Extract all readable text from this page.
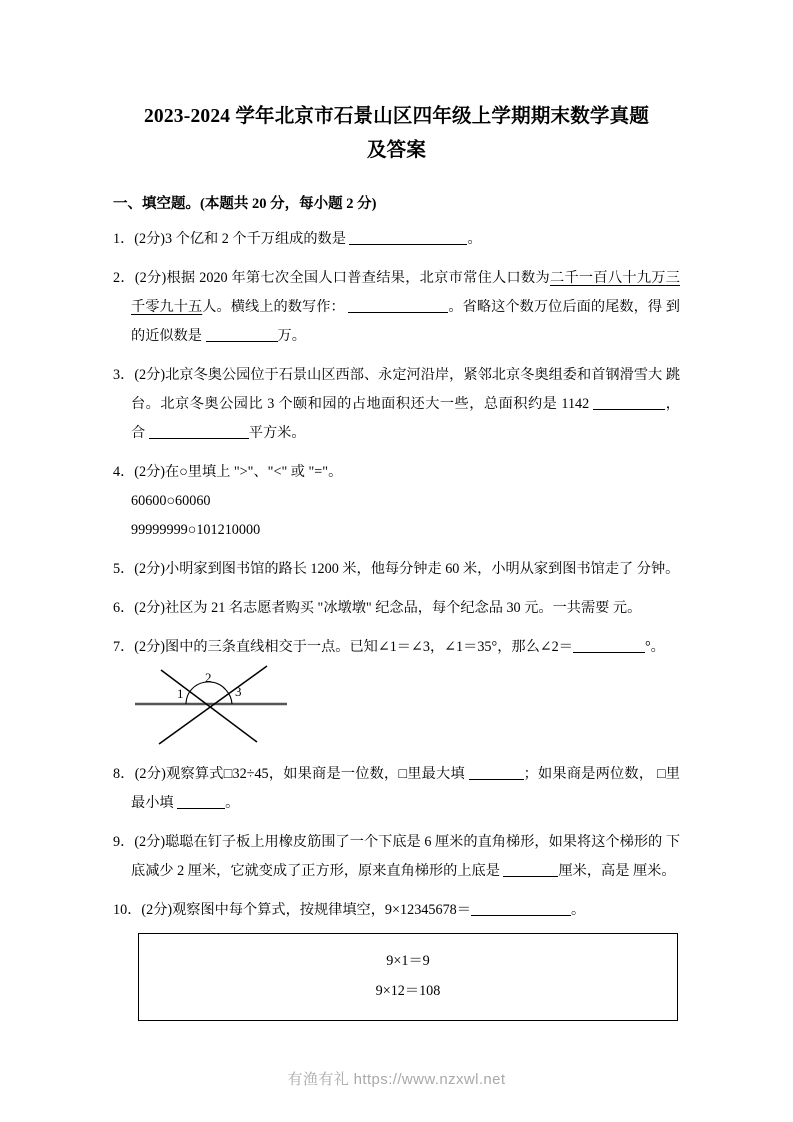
2023-2024 学年北京市石景山区四年级上学期期末数学真题
及答案
一、填空题。(本题共 20 分，每小题 2 分)
1．(2分)3 个亿和 2 个千万组成的数是	。
2．(2分)根据 2020 年第七次全国人口普查结果，北京市常住人口数为二千一百八十九万三千零九十五人。横线上的数写作：	。省略这个数万位后面的尾数，得 到的近似数是	万。
3．(2分)北京冬奥公园位于石景山区西部、永定河沿岸，紧邻北京冬奥组委和首钢滑雪大 跳台。北京冬奥公园比 3 个颐和园的占地面积还大一些，总面积约是 1142	， 合	平方米。
4．(2分)在○里填上 ">"、"<" 或 "="。
60600○60060
99999999○101210000
5．(2分)小明家到图书馆的路长 1200 米，他每分钟走 60 米，小明从家到图书馆走了 分钟。
6．(2分)社区为 21 名志愿者购买 "冰墩墩" 纪念品，每个纪念品 30 元。一共需要 元。
7．(2分)图中的三条直线相交于一点。已知∠1＝∠3，∠1＝35°，那么∠2＝	°。
1
2
3
8．(2分)观察算式□32÷45，如果商是一位数，□里最大填	；如果商是两位数， □里最小填	。
9．(2分)聪聪在钉子板上用橡皮筋围了一个下底是 6 厘米的直角梯形，如果将这个梯形的 下底减少 2 厘米，它就变成了正方形，原来直角梯形的上底是	厘米，高是 厘米。
10．(2分)观察图中每个算式，按规律填空，9×12345678＝	。
9×1＝9
9×12＝108
有渔有礼 https://www.nzxwl.net
